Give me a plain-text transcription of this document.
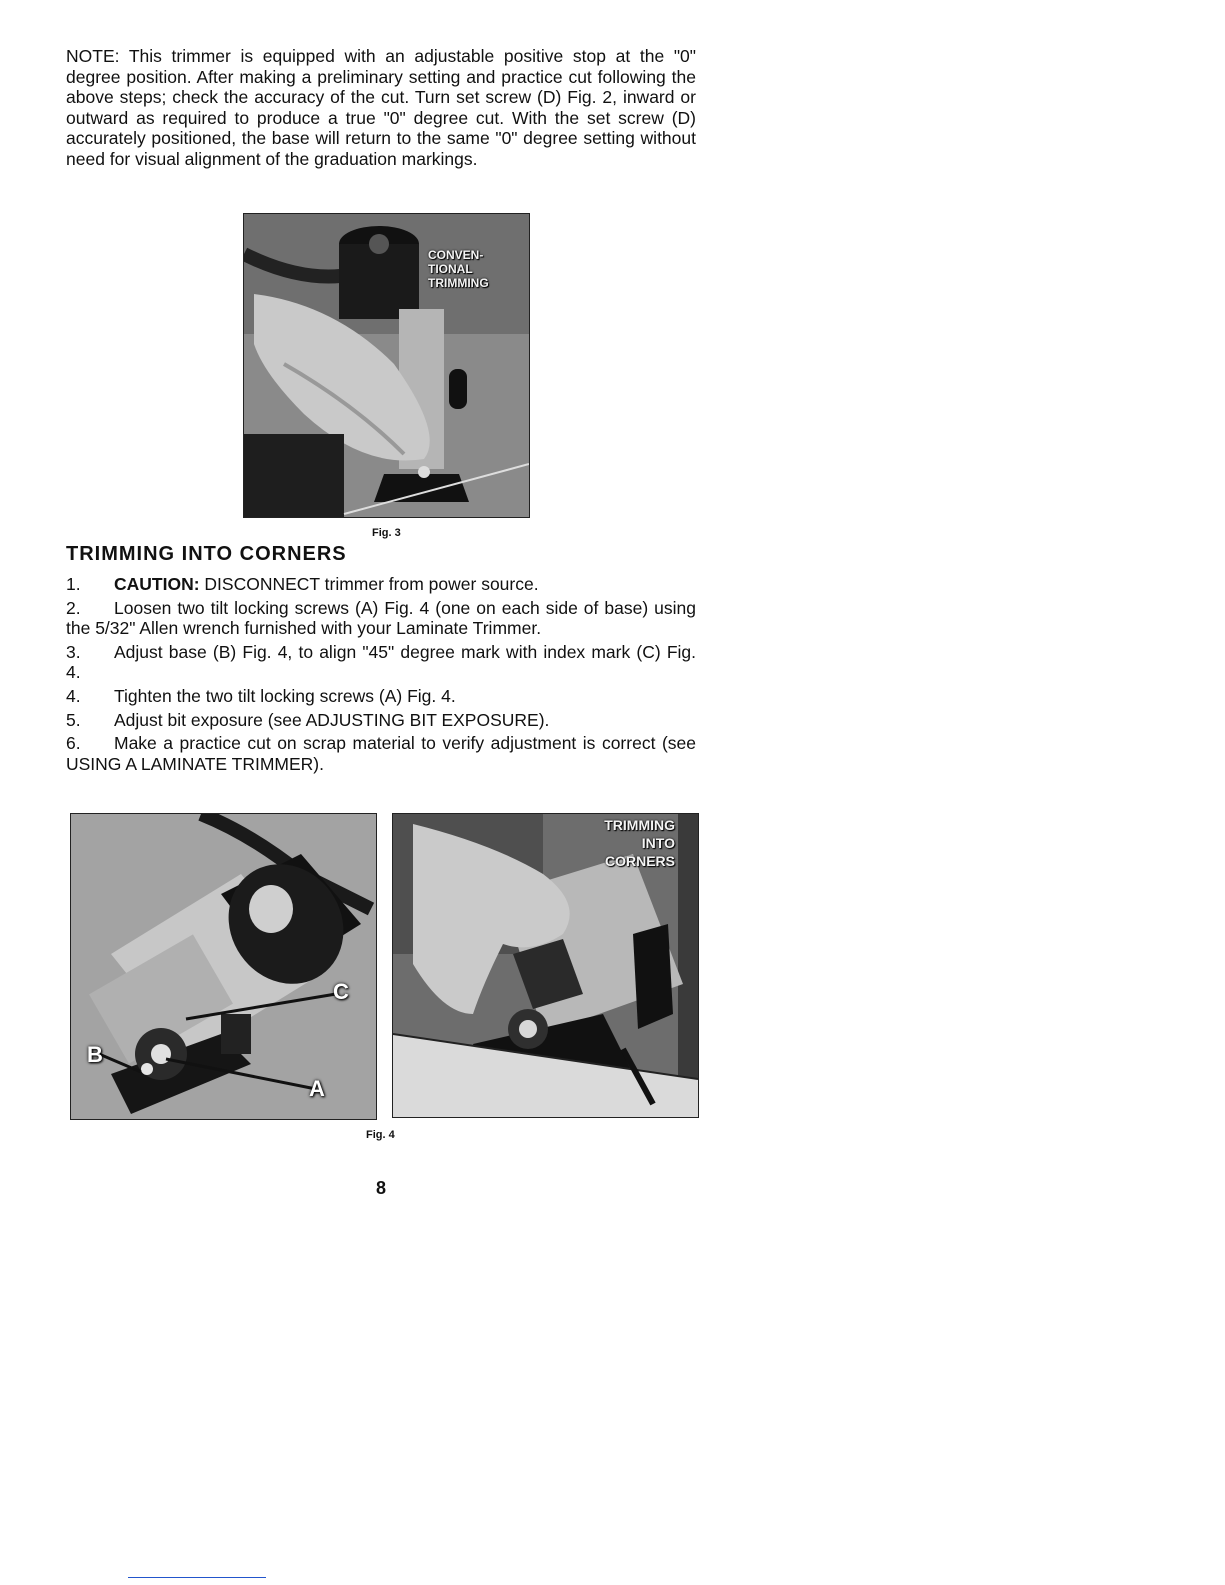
NOTE: This trimmer is equipped with an adjustable positive stop at the "0" degree position. After making a preliminary setting and practice cut following the above steps; check the accuracy of the cut. Turn set screw (D) Fig. 2, inward or outward as required to produce a true "0" degree cut. With the set screw (D) accurately positioned, the base will return to the same "0" degree setting without need for visual alignment of the graduation markings.

CONVEN-
TIONAL
TRIMMING
Fig. 3
TRIMMING INTO CORNERS
1. CAUTION: DISCONNECT trimmer from power source.
2. Loosen two tilt locking screws (A) Fig. 4 (one on each side of base) using the 5/32" Allen wrench furnished with your Laminate Trimmer.
3. Adjust base (B) Fig. 4, to align "45" degree mark with index mark (C) Fig. 4.
4. Tighten the two tilt locking screws (A) Fig. 4.
5. Adjust bit exposure (see ADJUSTING BIT EXPOSURE).
6. Make a practice cut on scrap material to verify adjustment is correct (see USING A LAMINATE TRIMMER).
C
B
A
TRIMMING
INTO
CORNERS
Fig. 4
8
